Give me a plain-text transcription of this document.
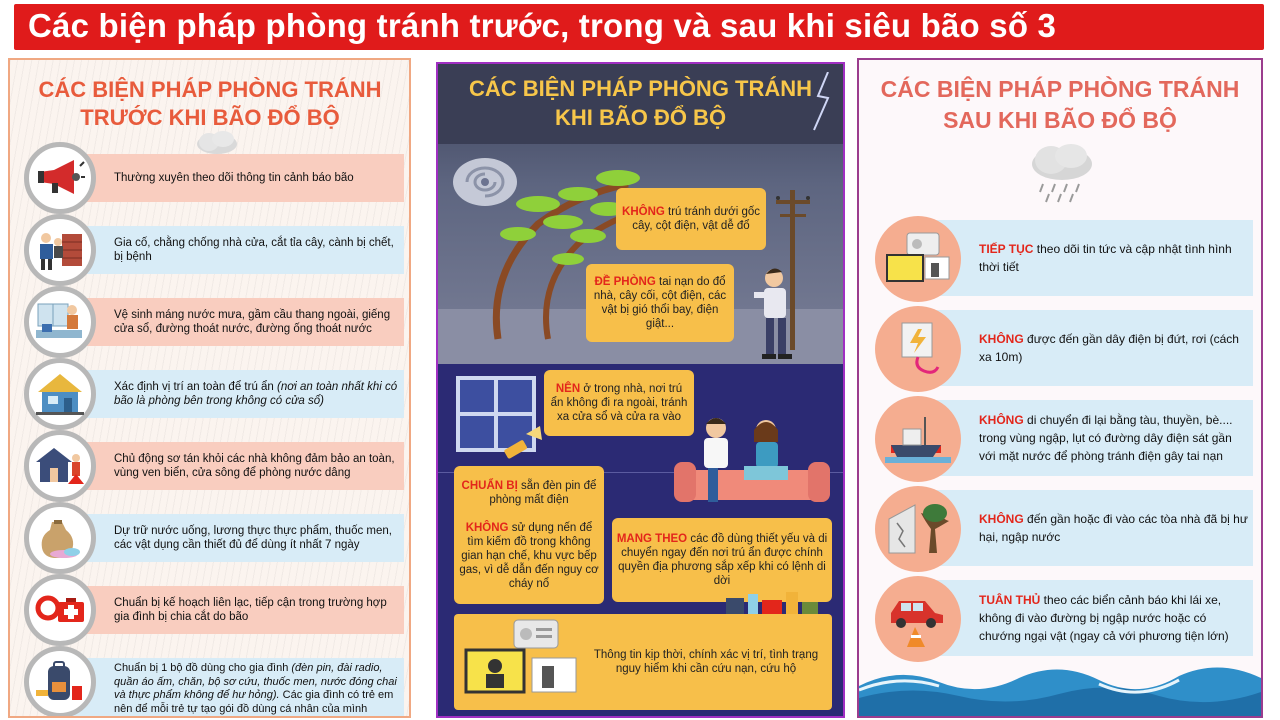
Các biện pháp phòng tránh trước, trong và sau khi siêu bão số 3
CÁC BIỆN PHÁP PHÒNG TRÁNH
TRƯỚC KHI BÃO ĐỔ BỘ
Thường xuyên theo dõi thông tin cảnh báo bão
Gia cố, chằng chống nhà cửa, cắt tỉa cây, cành bị chết, bị bệnh
Vệ sinh máng nước mưa, gầm cầu thang ngoài, giếng cửa sổ, đường thoát nước, đường ống thoát nước
Xác định vị trí an toàn để trú ẩn (nơi an toàn nhất khi có bão là phòng bên trong không có cửa sổ)
Chủ động sơ tán khỏi các nhà không đảm bảo an toàn, vùng ven biển, cửa sông để phòng nước dâng
Dự trữ nước uống, lương thực thực phẩm, thuốc men, các vật dụng cần thiết đủ để dùng ít nhất 7 ngày
Chuẩn bị kế hoạch liên lạc, tiếp cận trong trường hợp gia đình bị chia cắt do bão
Chuẩn bị 1 bộ đồ dùng cho gia đình (đèn pin, đài radio, quần áo ấm, chăn, bộ sơ cứu, thuốc men, nước đóng chai và thực phẩm không để hư hỏng). Các gia đình có trẻ em nên để mỗi trẻ tự tạo gói đồ dùng cá nhân của mình
CÁC BIỆN PHÁP PHÒNG TRÁNH
KHI BÃO ĐỔ BỘ
KHÔNG trú tránh dưới gốc cây, cột điện, vật dễ đổ
ĐỀ PHÒNG tai nạn do đổ nhà, cây cối, cột điện, các vật bị gió thổi bay, điện giật...
NÊN ở trong nhà, nơi trú ẩn không đi ra ngoài, tránh xa cửa sổ và cửa ra vào
CHUẨN BỊ sẵn đèn pin để phòng mất điện

KHÔNG sử dụng nến để tìm kiếm đồ trong không gian hạn chế, khu vực bếp gas, vì dễ dẫn đến nguy cơ cháy nổ
MANG THEO các đồ dùng thiết yếu và di chuyển ngay đến nơi trú ẩn được chính quyền địa phương sắp xếp khi có lệnh di dời
Thông tin kịp thời, chính xác vị trí, tình trạng nguy hiểm khi cần cứu nạn, cứu hộ
CÁC BIỆN PHÁP PHÒNG TRÁNH
SAU KHI BÃO ĐỔ BỘ
TIẾP TỤC theo dõi tin tức và cập nhật tình hình thời tiết
KHÔNG được đến gần dây điện bị đứt, rơi (cách xa 10m)
KHÔNG di chuyển đi lại bằng tàu, thuyền, bè.... trong vùng ngập, lụt có đường dây điện sát gần với mặt nước để phòng tránh điện gây tai nạn
KHÔNG đến gần hoặc đi vào các tòa nhà đã bị hư hại, ngập nước
TUÂN THỦ theo các biển cảnh báo khi lái xe, không đi vào đường bị ngập nước hoặc có chướng ngại vật (ngay cả với phương tiện lớn)
